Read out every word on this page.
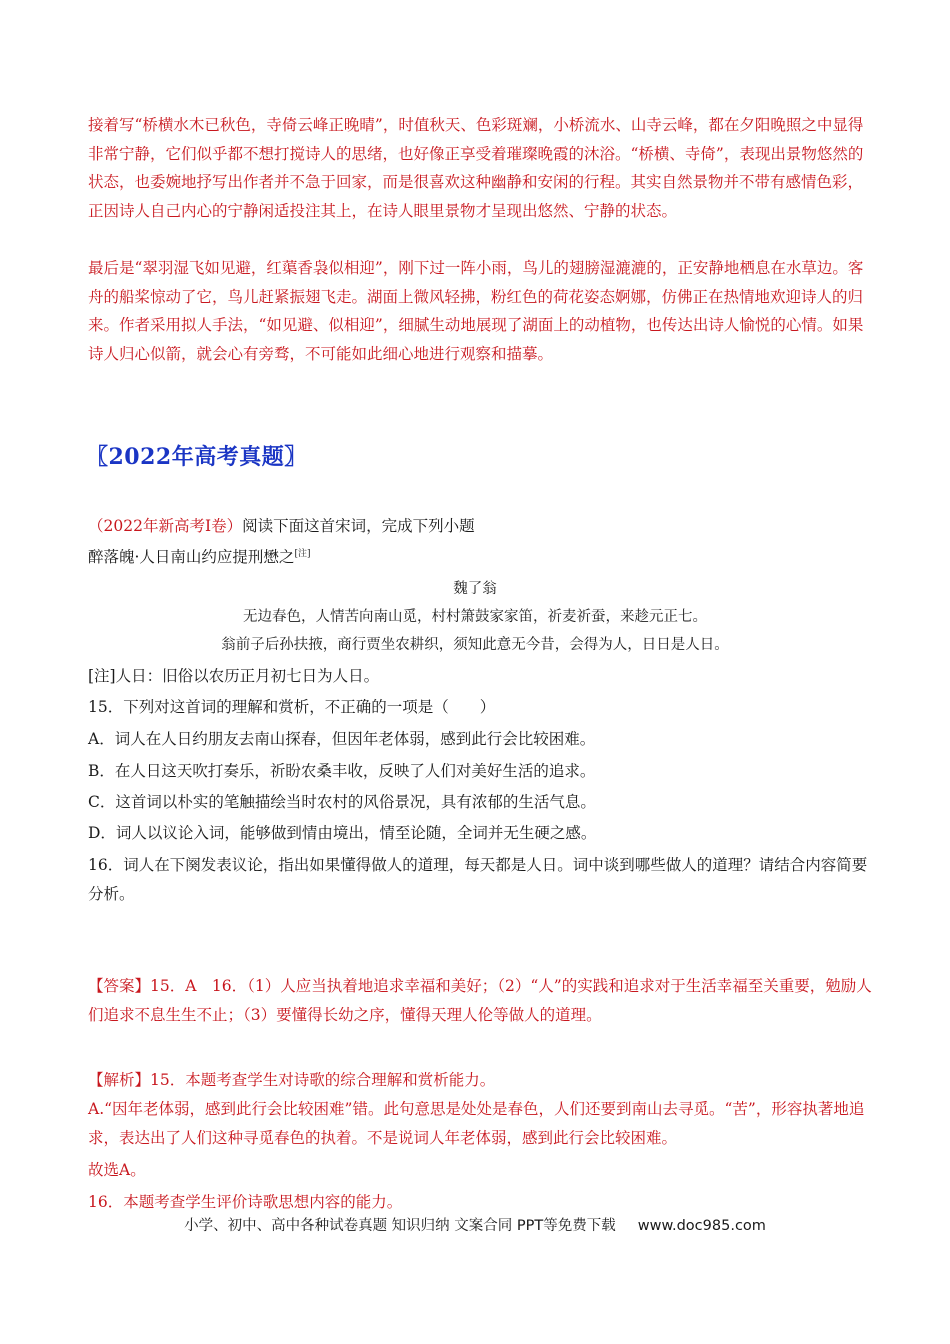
接着写“桥横水木已秋色，寺倚云峰正晚晴”，时值秋天、色彩斑斓，小桥流水、山寺云峰，都在夕阳晚照之中显得非常宁静，它们似乎都不想打搅诗人的思绪，也好像正享受着璀璨晚霞的沐浴。“桥横、寺倚”，表现出景物悠然的状态，也委婉地抒写出作者并不急于回家，而是很喜欢这种幽静和安闲的行程。其实自然景物并不带有感情色彩，正因诗人自己内心的宁静闲适投注其上，在诗人眼里景物才呈现出悠然、宁静的状态。

最后是“翠羽湿飞如见避，红蕖香袅似相迎”，刚下过一阵小雨，鸟儿的翅膀湿漉漉的，正安静地栖息在水草边。客舟的船桨惊动了它，鸟儿赶紧振翅飞走。湖面上微风轻拂，粉红色的荷花姿态婀娜，仿佛正在热情地欢迎诗人的归来。作者采用拟人手法，“如见避、似相迎”，细腻生动地展现了湖面上的动植物，也传达出诗人愉悦的心情。如果诗人归心似箭，就会心有旁骛，不可能如此细心地进行观察和描摹。

〖2022年高考真题〗
（2022年新高考Ⅰ卷）阅读下面这首宋词，完成下列小题
醉落魄·人日南山约应提刑懋之[注]
魏了翁
无边春色，人情苦向南山觅，村村箫鼓家家笛，祈麦祈蚕，来趁元正七。
翁前子后孙扶掖，商行贾坐农耕织，须知此意无今昔，会得为人，日日是人日。
[注]人日：旧俗以农历正月初七日为人日。
15．下列对这首词的理解和赏析，不正确的一项是（　　）
A．词人在人日约朋友去南山探春，但因年老体弱，感到此行会比较困难。
B．在人日这天吹打奏乐，祈盼农桑丰收，反映了人们对美好生活的追求。
C．这首词以朴实的笔触描绘当时农村的风俗景况，具有浓郁的生活气息。
D．词人以议论入词，能够做到情由境出，情至论随，全词并无生硬之感。

16．词人在下阕发表议论，指出如果懂得做人的道理，每天都是人日。词中谈到哪些做人的道理？请结合内容简要分析。

【答案】15．A　16．（1）人应当执着地追求幸福和美好；（2）“人”的实践和追求对于生活幸福至关重要，勉励人们追求不息生生不止；（3）要懂得长幼之序，懂得天理人伦等做人的道理。

【解析】15．本题考查学生对诗歌的综合理解和赏析能力。

A.“因年老体弱，感到此行会比较困难”错。此句意思是处处是春色，人们还要到南山去寻觅。“苦”，形容执著地追求，表达出了人们这种寻觅春色的执着。不是说词人年老体弱，感到此行会比较困难。

故选A。
16．本题考查学生评价诗歌思想内容的能力。
小学、初中、高中各种试卷真题 知识归纳 文案合同 PPT等免费下载 www.doc985.com
